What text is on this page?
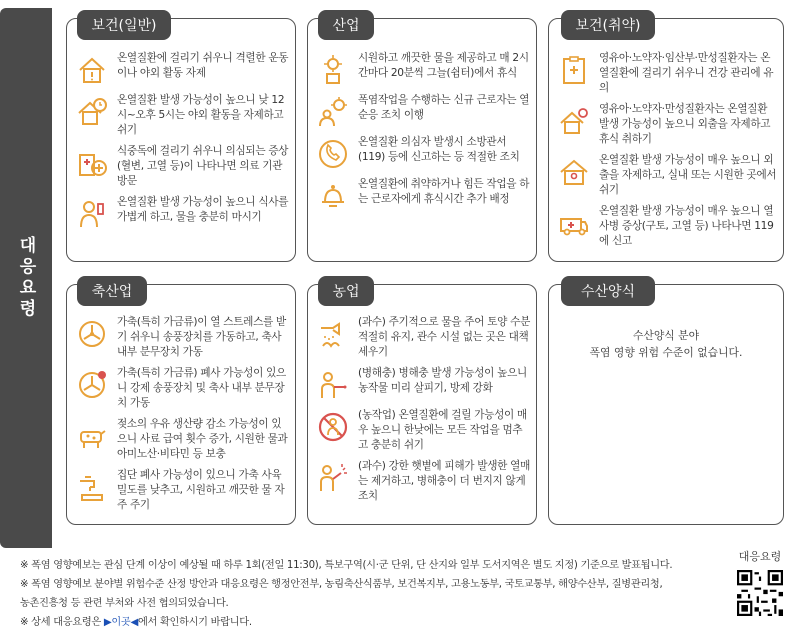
대응요령
보건(일반)
온열질환에 걸리기 쉬우니 격렬한 운동이나 야외 활동 자제
온열질환 발생 가능성이 높으니 낮 12시~오후 5시는 야외 활동을 자제하고 쉬기
식중독에 걸리기 쉬우니 의심되는 증상(혈변, 고열 등)이 나타나면 의료 기관 방문
온열질환 발생 가능성이 높으니 식사를 가볍게 하고, 물을 충분히 마시기
산업
시원하고 깨끗한 물을 제공하고 매 2시간마다 20분씩 그늘(쉼터)에서 휴식
폭염작업을 수행하는 신규 근로자는 열순응 조치 이행
온열질환 의심자 발생시 소방관서(119) 등에 신고하는 등 적절한 조치
온열질환에 취약하거나 힘든 작업을 하는 근로자에게 휴식시간 추가 배정
보건(취약)
영유아·노약자·임산부·만성질환자는 온열질환에 걸리기 쉬우니 건강 관리에 유의
영유아·노약자·만성질환자는 온열질환 발생 가능성이 높으니 외출을 자제하고 휴식 취하기
온열질환 발생 가능성이 매우 높으니 외출을 자제하고, 실내 또는 시원한 곳에서 쉬기
온열질환 발생 가능성이 매우 높으니 열사병 증상(구토, 고열 등) 나타나면 119에 신고
축산업
가축(특히 가금류)이 열 스트레스를 받기 쉬우니 송풍장치를 가동하고, 축사 내부 분무장치 가동
가축(특히 가금류) 폐사 가능성이 있으니 강제 송풍장치 및 축사 내부 분무장치 가동
젖소의 우유 생산량 감소 가능성이 있으니 사료 급여 횟수 증가, 시원한 물과 아미노산·비타민 등 보충
집단 폐사 가능성이 있으니 가축 사육 밀도를 낮추고, 시원하고 깨끗한 물 자주 주기
농업
(과수) 주기적으로 물을 주어 토양 수분 적절히 유지, 관수 시설 없는 곳은 대책 세우기
(병해충) 병해충 발생 가능성이 높으니 농작물 미리 살피기, 방제 강화
(농작업) 온열질환에 걸릴 가능성이 매우 높으니 한낮에는 모든 작업을 멈추고 충분히 쉬기
(과수) 강한 햇볕에 피해가 발생한 열매는 제거하고, 병해충이 더 번지지 않게 조치
수산양식
수산양식 분야
폭염 영향 위험 수준이 없습니다.

※ 폭염 영향예보는 관심 단계 이상이 예상될 때 하루 1회(전일 11:30), 특보구역(시·군 단위, 단 산지와 일부 도서지역은 별도 지정) 기준으로 발표됩니다.

※ 폭염 영향예보 분야별 위험수준 산정 방안과 대응요령은 행정안전부, 농림축산식품부, 보건복지부, 고용노동부, 국토교통부, 해양수산부, 질병관리청,

농촌진흥청 등 관련 부처와 사전 협의되었습니다.

※ 상세 대응요령은 ▶이곳◀에서 확인하시기 바랍니다.

대응요령
